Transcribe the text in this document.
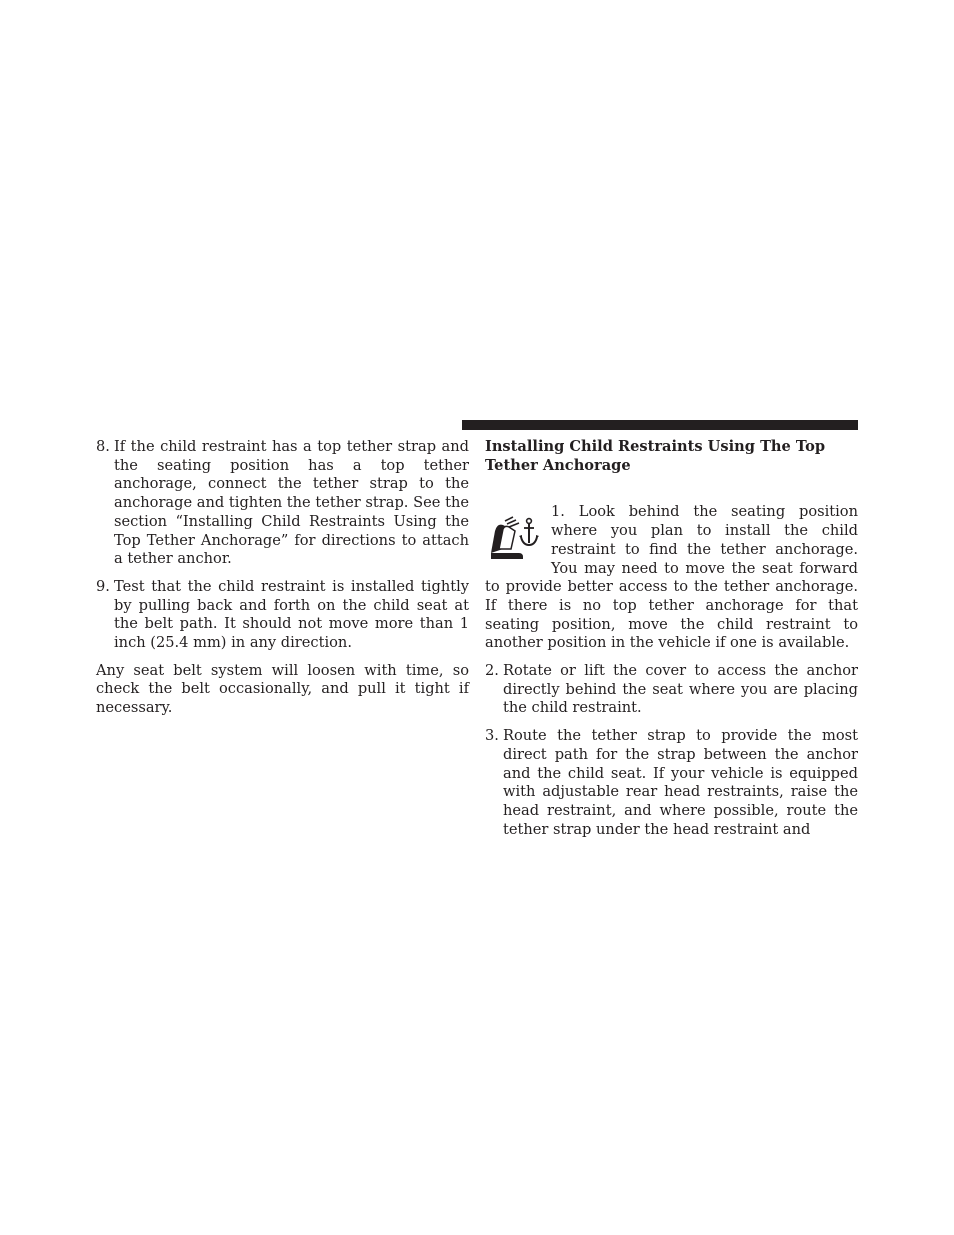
8. If the child restraint has a top tether strap and the seating position has a top tether anchorage, connect the tether strap to the anchorage and tighten the tether strap. See the section “Installing Child Restraints Using the Top Tether Anchorage” for directions to attach a tether anchor.
9. Test that the child restraint is installed tightly by pulling back and forth on the child seat at the belt path. It should not move more than 1 inch (25.4 mm) in any direction.

Any seat belt system will loosen with time, so check the belt occasionally, and pull it tight if necessary.

Installing Child Restraints Using The Top Tether Anchorage

1. Look behind the seating position where you plan to install the child restraint to find the tether anchorage. You may need to move the seat forward to provide better access to the tether anchorage. If there is no top tether anchorage for that seating position, move the child restraint to another position in the vehicle if one is available.

2. Rotate or lift the cover to access the anchor directly behind the seat where you are placing the child restraint.
3. Route the tether strap to provide the most direct path for the strap between the anchor and the child seat. If your vehicle is equipped with adjustable rear head restraints, raise the head restraint, and where possible, route the tether strap under the head restraint and
